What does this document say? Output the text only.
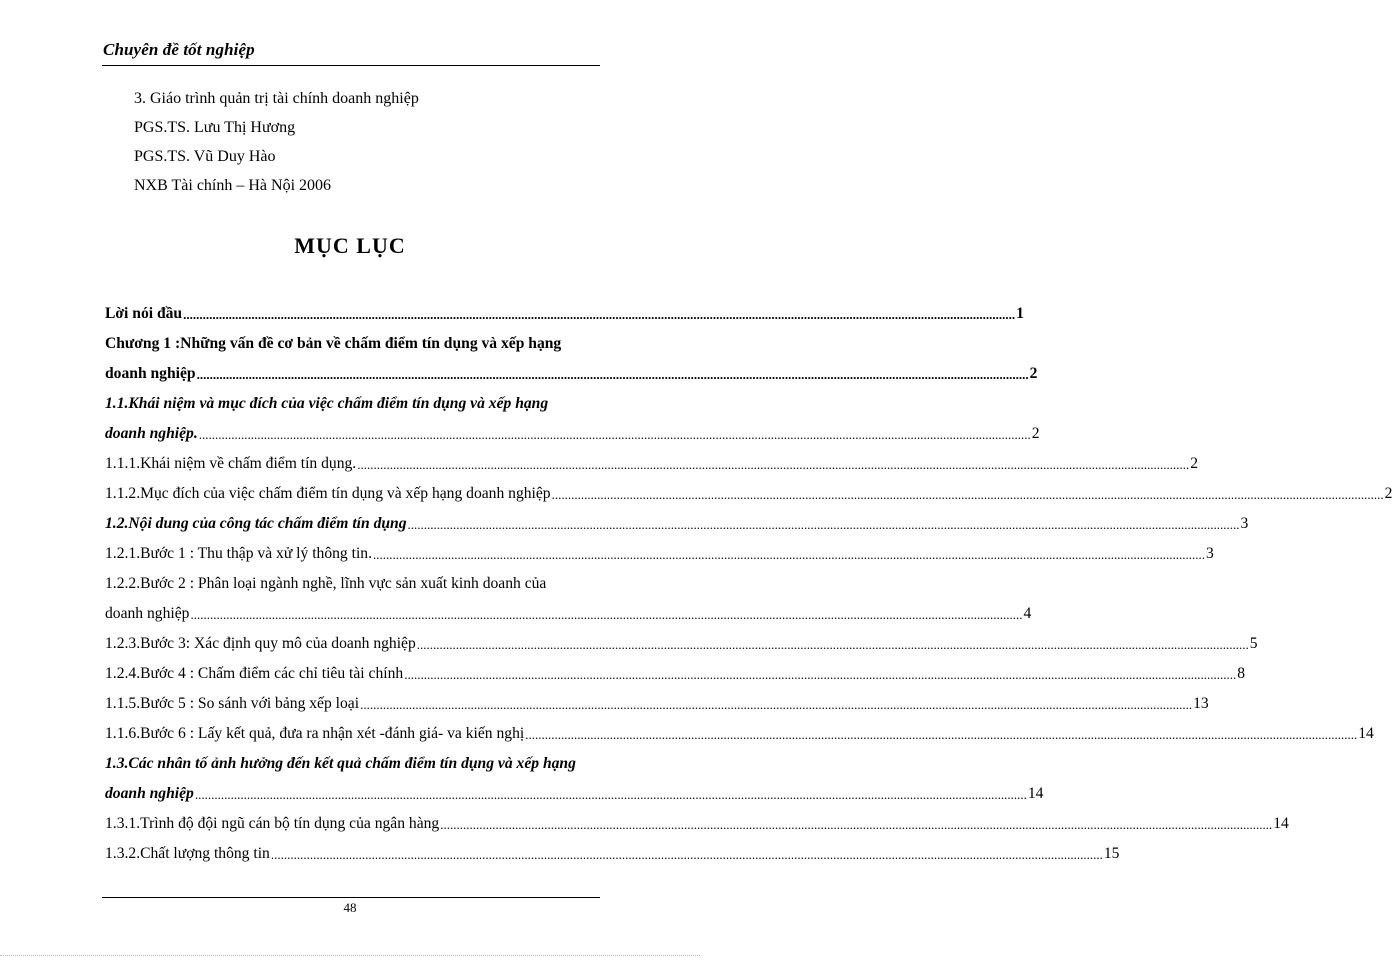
Chuyên đề tốt nghiệp
3. Giáo trình quản trị tài chính doanh nghiệp
PGS.TS. Lưu Thị Hương
PGS.TS. Vũ Duy Hào
NXB Tài chính – Hà Nội 2006
MỤC LỤC
Lời nói đầu .....	1
Chương 1 :Những vấn đề cơ bản về chấm điểm tín dụng và xếp hạng
doanh nghiệp .....	2
1.1.Khái niệm và mục đích của việc chấm điểm tín dụng và xếp hạng
doanh nghiệp. .....	2
1.1.1.Khái niệm về chấm điểm tín dụng. .....	2
1.1.2.Mục đích của việc chấm điểm tín dụng và xếp hạng doanh nghiệp .....	2
1.2.Nội dung của công tác chấm điểm tín dụng .....	3
1.2.1.Bước 1 : Thu thập và xử lý thông tin. .....	3
1.2.2.Bước 2 : Phân loại ngành nghề, lĩnh vực sản xuất kinh doanh của
doanh nghiệp .....	4
1.2.3.Bước 3: Xác định quy mô của doanh nghiệp .....	5
1.2.4.Bước 4 : Chấm điểm các chỉ tiêu tài chính .....	8
1.1.5.Bước 5 : So sánh với bảng xếp loại .....	13
1.1.6.Bước 6 : Lấy kết quả, đưa ra nhận xét -đánh giá- va kiến nghị .....	14
1.3.Các nhân tố ảnh hưởng đến kết quả chấm điểm tín dụng và xếp hạng
doanh nghiệp .....	14
1.3.1.Trình độ đội ngũ cán bộ tín dụng của ngân hàng .....	14
1.3.2.Chất lượng thông tin .....	15
48
